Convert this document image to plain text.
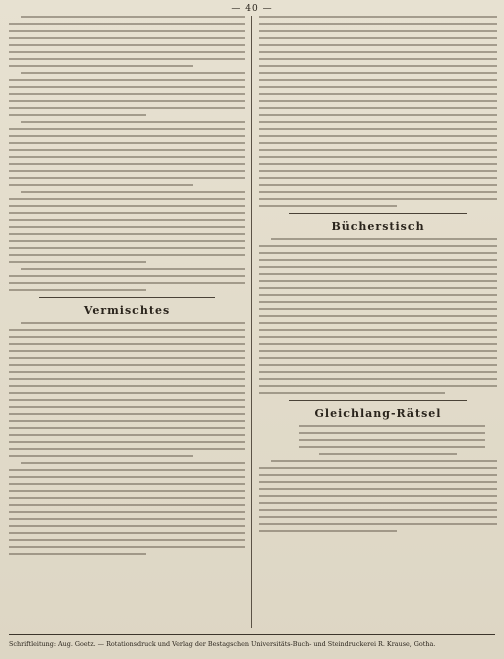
— 40 —
Vermischtes
Bücherstisch
Gleichlang-Rätsel
Schriftleitung: Aug. Goetz. — Rotationsdruck und Verlag der Bestagschen Universitäts-Buch- und Steindruckerei R. Krause, Gotha.
